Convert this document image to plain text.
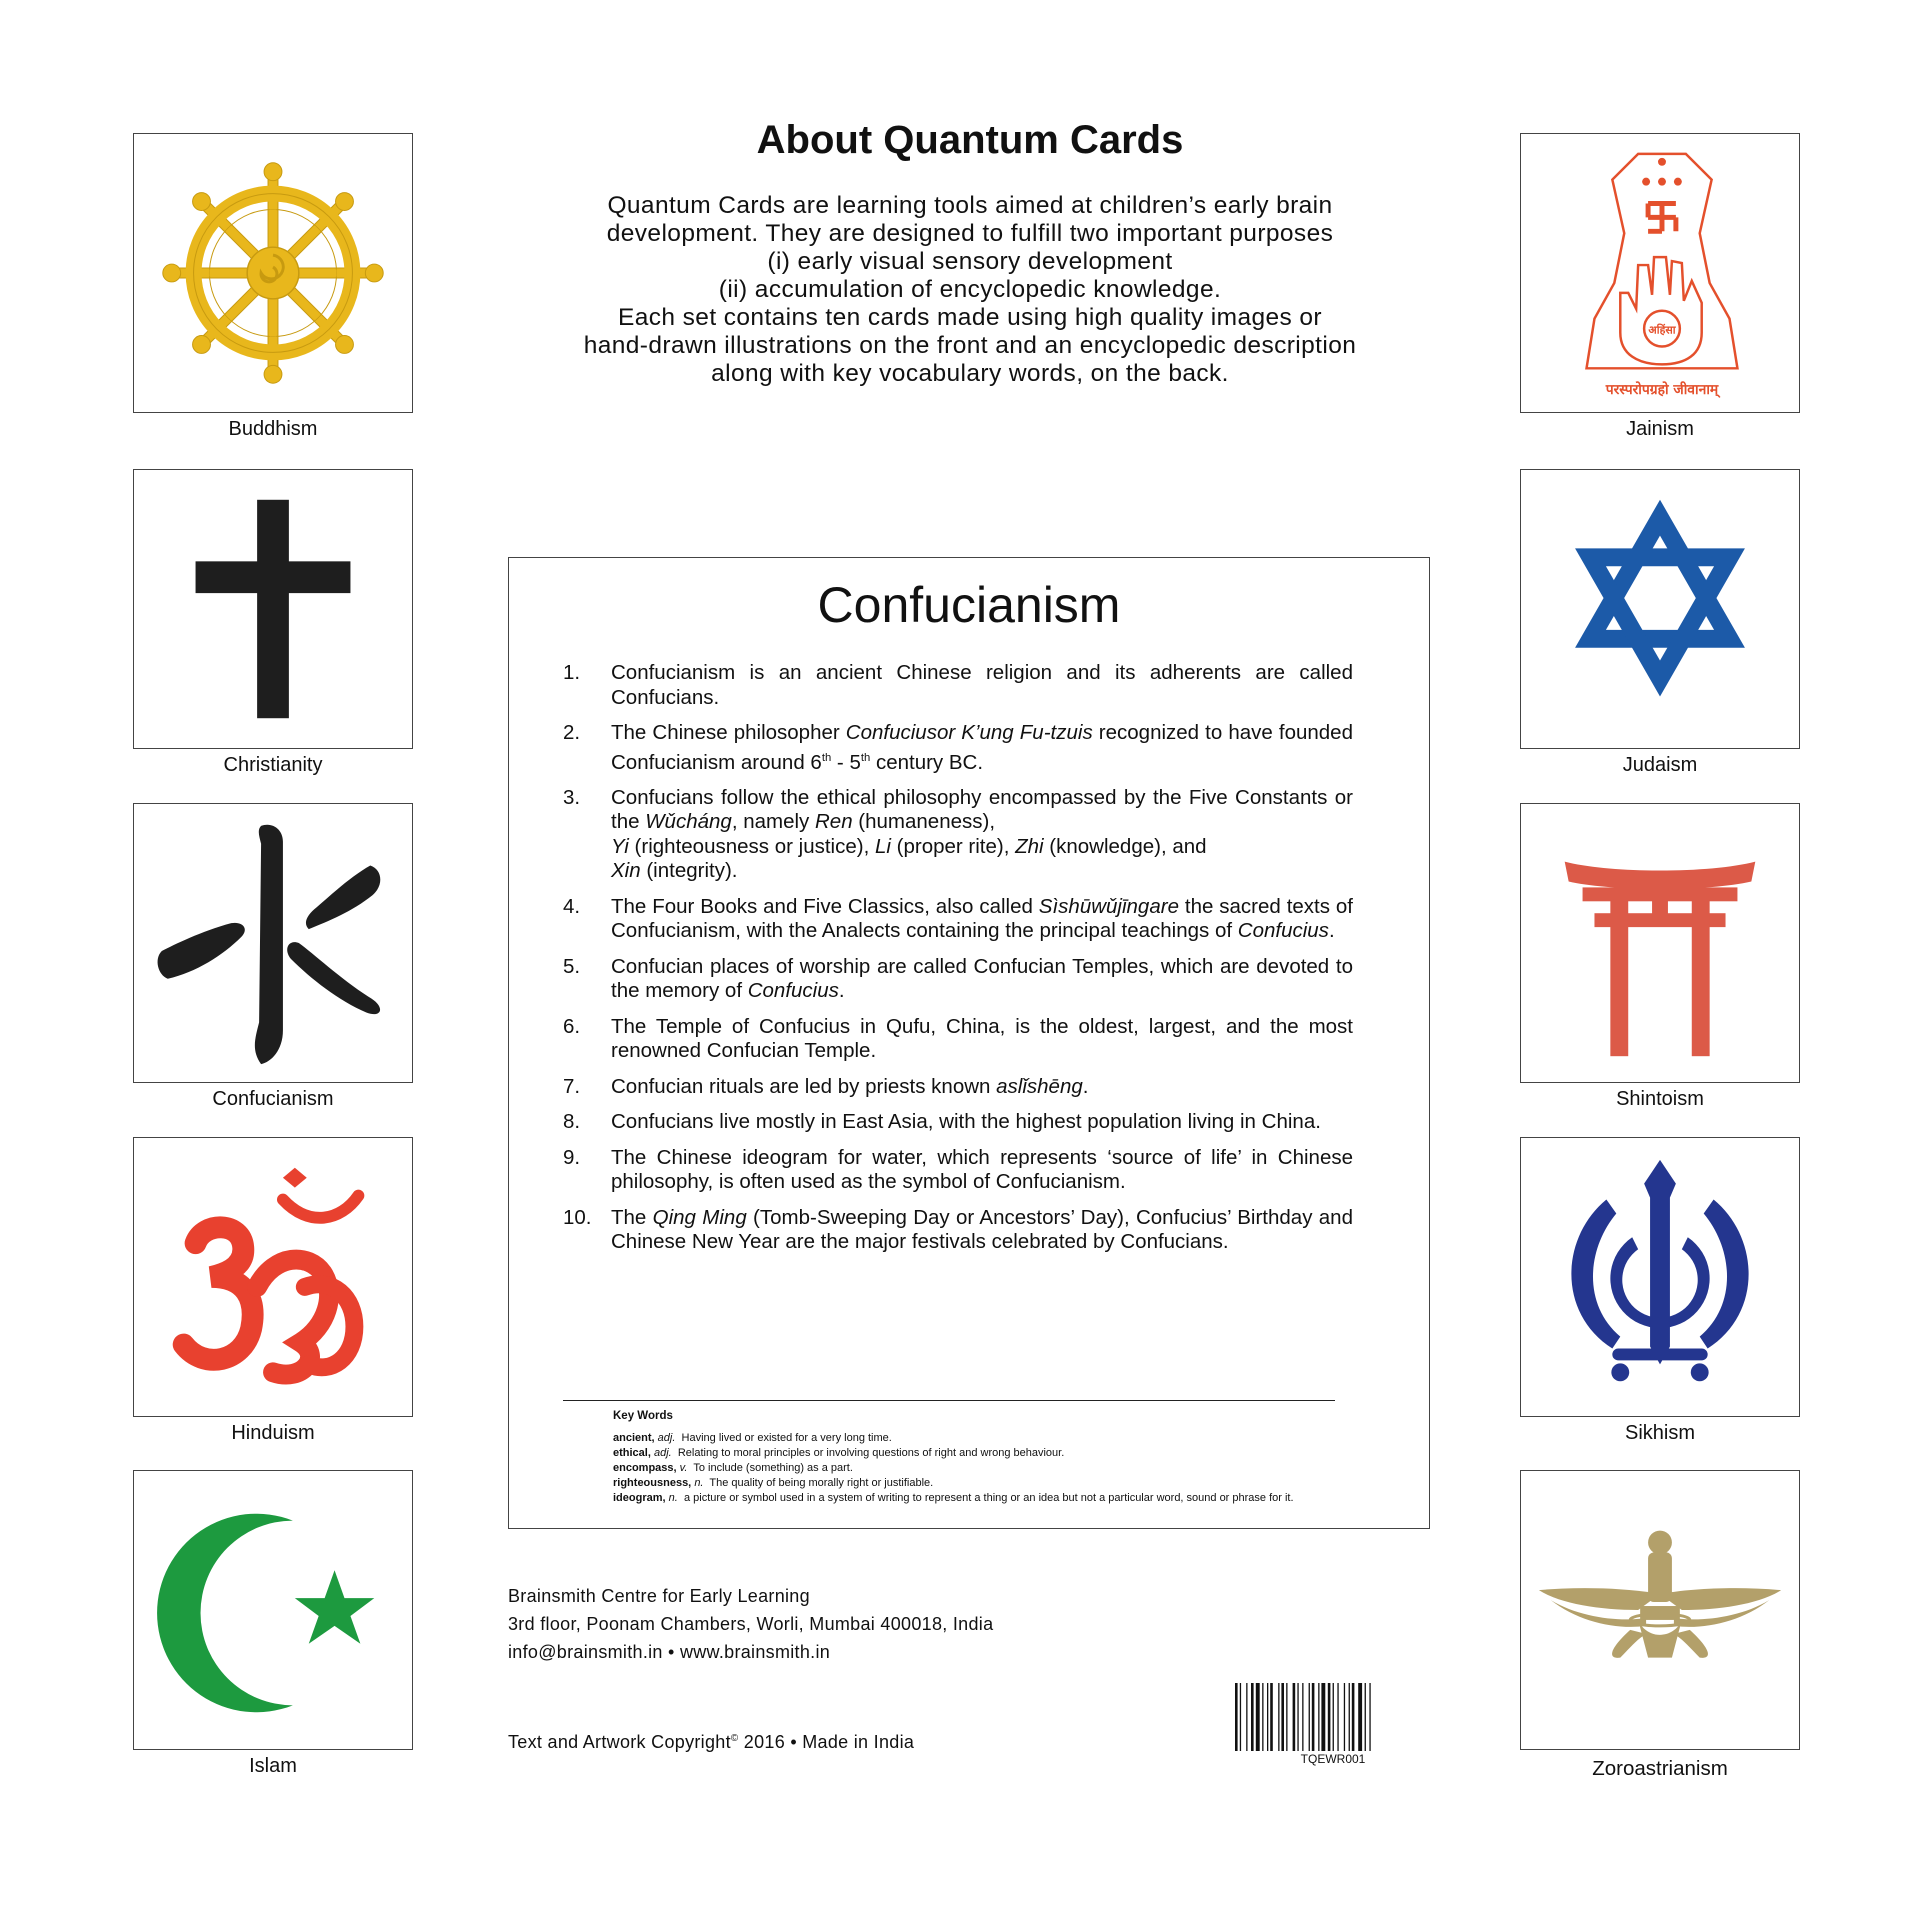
About Quantum Cards
Quantum Cards are learning tools aimed at children’s early brain
development. They are designed to fulfill two important purposes
(i) early visual sensory development
(ii) accumulation of encyclopedic knowledge.
Each set contains ten cards made using high quality images or
hand-drawn illustrations on the front and an encyclopedic description
along with key vocabulary words, on the back.
Buddhism
Christianity
Confucianism
Hinduism
Islam
अहिंसा
परस्परोपग्रहो जीवानाम्
Jainism
Judaism
Shintoism
Sikhism
Zoroastrianism
Confucianism
1. Confucianism is an ancient Chinese religion and its adherents are called Confucians.
2. The Chinese philosopher Confuciusor K’ung Fu-tzuis recognized to have founded Confucianism around 6th - 5th century BC.
3. Confucians follow the ethical philosophy encompassed by the Five Constants or the Wǔcháng, namely Ren (humaneness),
Yi (righteousness or justice), Li (proper rite), Zhi (knowledge), and
Xin (integrity).
4. The Four Books and Five Classics, also called Sìshūwǔjīngare the sacred texts of Confucianism, with the Analects containing the principal teachings of Confucius.
5. Confucian places of worship are called Confucian Temples, which are devoted to the memory of Confucius.
6. The Temple of Confucius in Qufu, China, is the oldest, largest, and the most renowned Confucian Temple.
7. Confucian rituals are led by priests known aslǐshēng.
8. Confucians live mostly in East Asia, with the highest population living in China.
9. The Chinese ideogram for water, which represents ‘source of life’ in Chinese philosophy, is often used as the symbol of Confucianism.
10. The Qing Ming (Tomb-Sweeping Day or Ancestors’ Day), Confucius’ Birthday and Chinese New Year are the major festivals celebrated by Confucians.
Key Words
ancient, adj. Having lived or existed for a very long time.
ethical, adj. Relating to moral principles or involving questions of right and wrong behaviour.
encompass, v. To include (something) as a part.
righteousness, n. The quality of being morally right or justifiable.
ideogram, n. a picture or symbol used in a system of writing to represent a thing or an idea but not a particular word, sound or phrase for it.
Brainsmith Centre for Early Learning
3rd floor, Poonam Chambers, Worli, Mumbai 400018, India
info@brainsmith.in • www.brainsmith.in
Text and Artwork Copyright© 2016 • Made in India
TQEWR001
